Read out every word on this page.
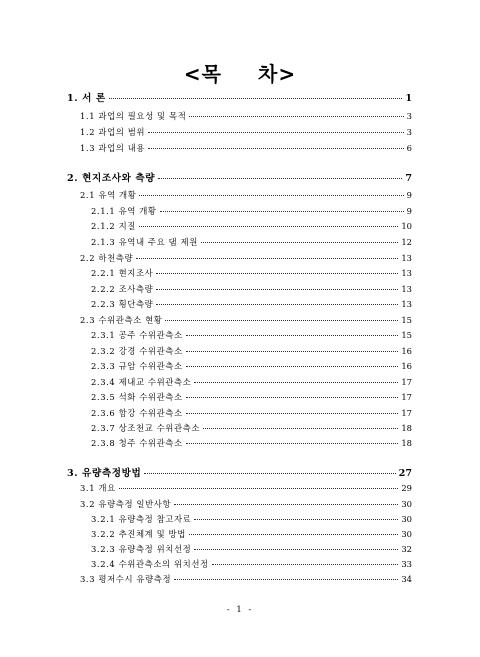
<목 차>
1. 서 론	1
1.1 과업의 필요성 및 목적	3
1.2 과업의 범위	3
1.3 과업의 내용	6
2. 현지조사와 측량	7
2.1 유역 개황	9
2.1.1 유역 개황	9
2.1.2 지질	10
2.1.3 유역내 주요 댐 제원	12
2.2 하천측량	13
2.2.1 현지조사	13
2.2.2 조사측량	13
2.2.3 횡단측량	13
2.3 수위관측소 현황	15
2.3.1 공주 수위관측소	15
2.3.2 강경 수위관측소	16
2.3.3 규암 수위관측소	16
2.3.4 제내교 수위관측소	17
2.3.5 석화 수위관측소	17
2.3.6 함강 수위관측소	17
2.3.7 상조천교 수위관측소	18
2.3.8 청주 수위관측소	18
3. 유량측정방법	27
3.1 개요	29
3.2 유량측정 일반사항	30
3.2.1 유량측정 참고자료	30
3.2.2 추진체계 및 방법	30
3.2.3 유량측정 위치선정	32
3.2.4 수위관측소의 위치선정	33
3.3 평저수시 유량측정	34
- 1 -
